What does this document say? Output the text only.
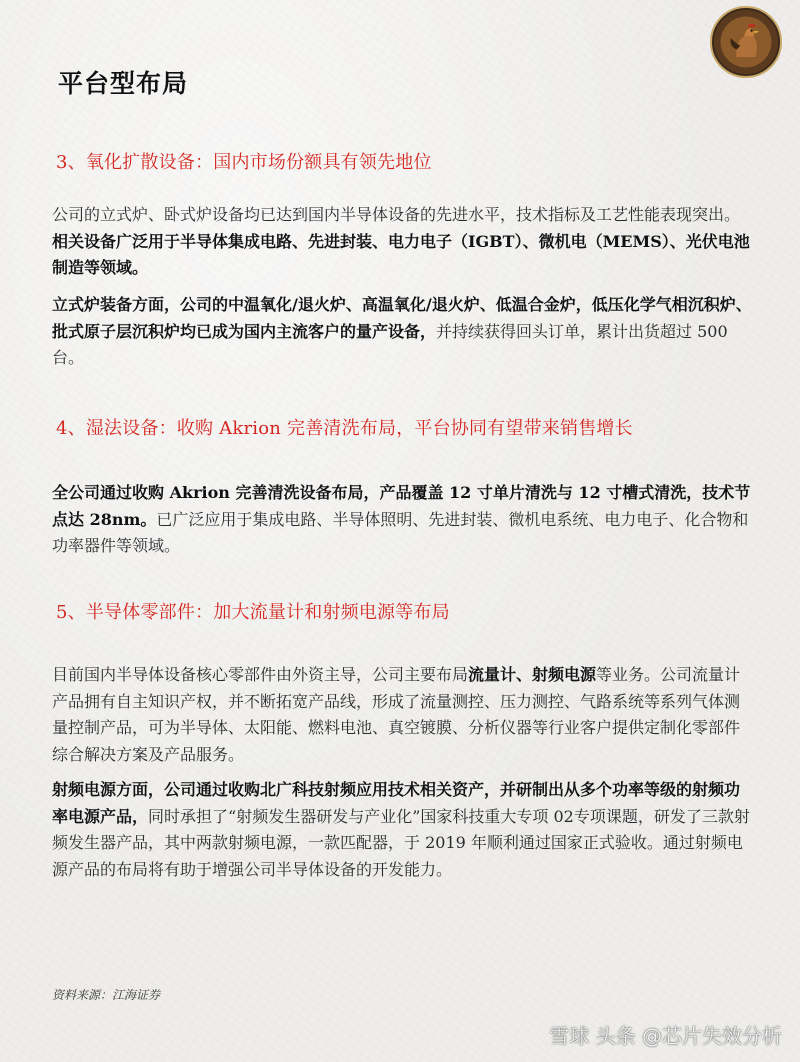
平台型布局
3、氧化扩散设备：国内市场份额具有领先地位
公司的立式炉、卧式炉设备均已达到国内半导体设备的先进水平，技术指标及工艺性能表现突出。相关设备广泛用于半导体集成电路、先进封装、电力电子（IGBT）、微机电（MEMS）、光伏电池制造等领域。
立式炉装备方面，公司的中温氧化/退火炉、高温氧化/退火炉、低温合金炉，低压化学气相沉积炉、批式原子层沉积炉均已成为国内主流客户的量产设备，并持续获得回头订单，累计出货超过 500 台。
4、湿法设备：收购 Akrion 完善清洗布局，平台协同有望带来销售增长
全公司通过收购 Akrion 完善清洗设备布局，产品覆盖 12 寸单片清洗与 12 寸槽式清洗，技术节点达 28nm。已广泛应用于集成电路、半导体照明、先进封装、微机电系统、电力电子、化合物和功率器件等领域。
5、半导体零部件：加大流量计和射频电源等布局
目前国内半导体设备核心零部件由外资主导，公司主要布局流量计、射频电源等业务。公司流量计产品拥有自主知识产权，并不断拓宽产品线，形成了流量测控、压力测控、气路系统等系列气体测量控制产品，可为半导体、太阳能、燃料电池、真空镀膜、分析仪器等行业客户提供定制化零部件综合解决方案及产品服务。
射频电源方面，公司通过收购北广科技射频应用技术相关资产，并研制出从多个功率等级的射频功率电源产品，同时承担了“射频发生器研发与产业化”国家科技重大专项 02专项课题，研发了三款射频发生器产品，其中两款射频电源，一款匹配器，于 2019 年顺利通过国家正式验收。通过射频电源产品的布局将有助于增强公司半导体设备的开发能力。
资料来源：江海证券
雪球 头条 @芯片失效分析
